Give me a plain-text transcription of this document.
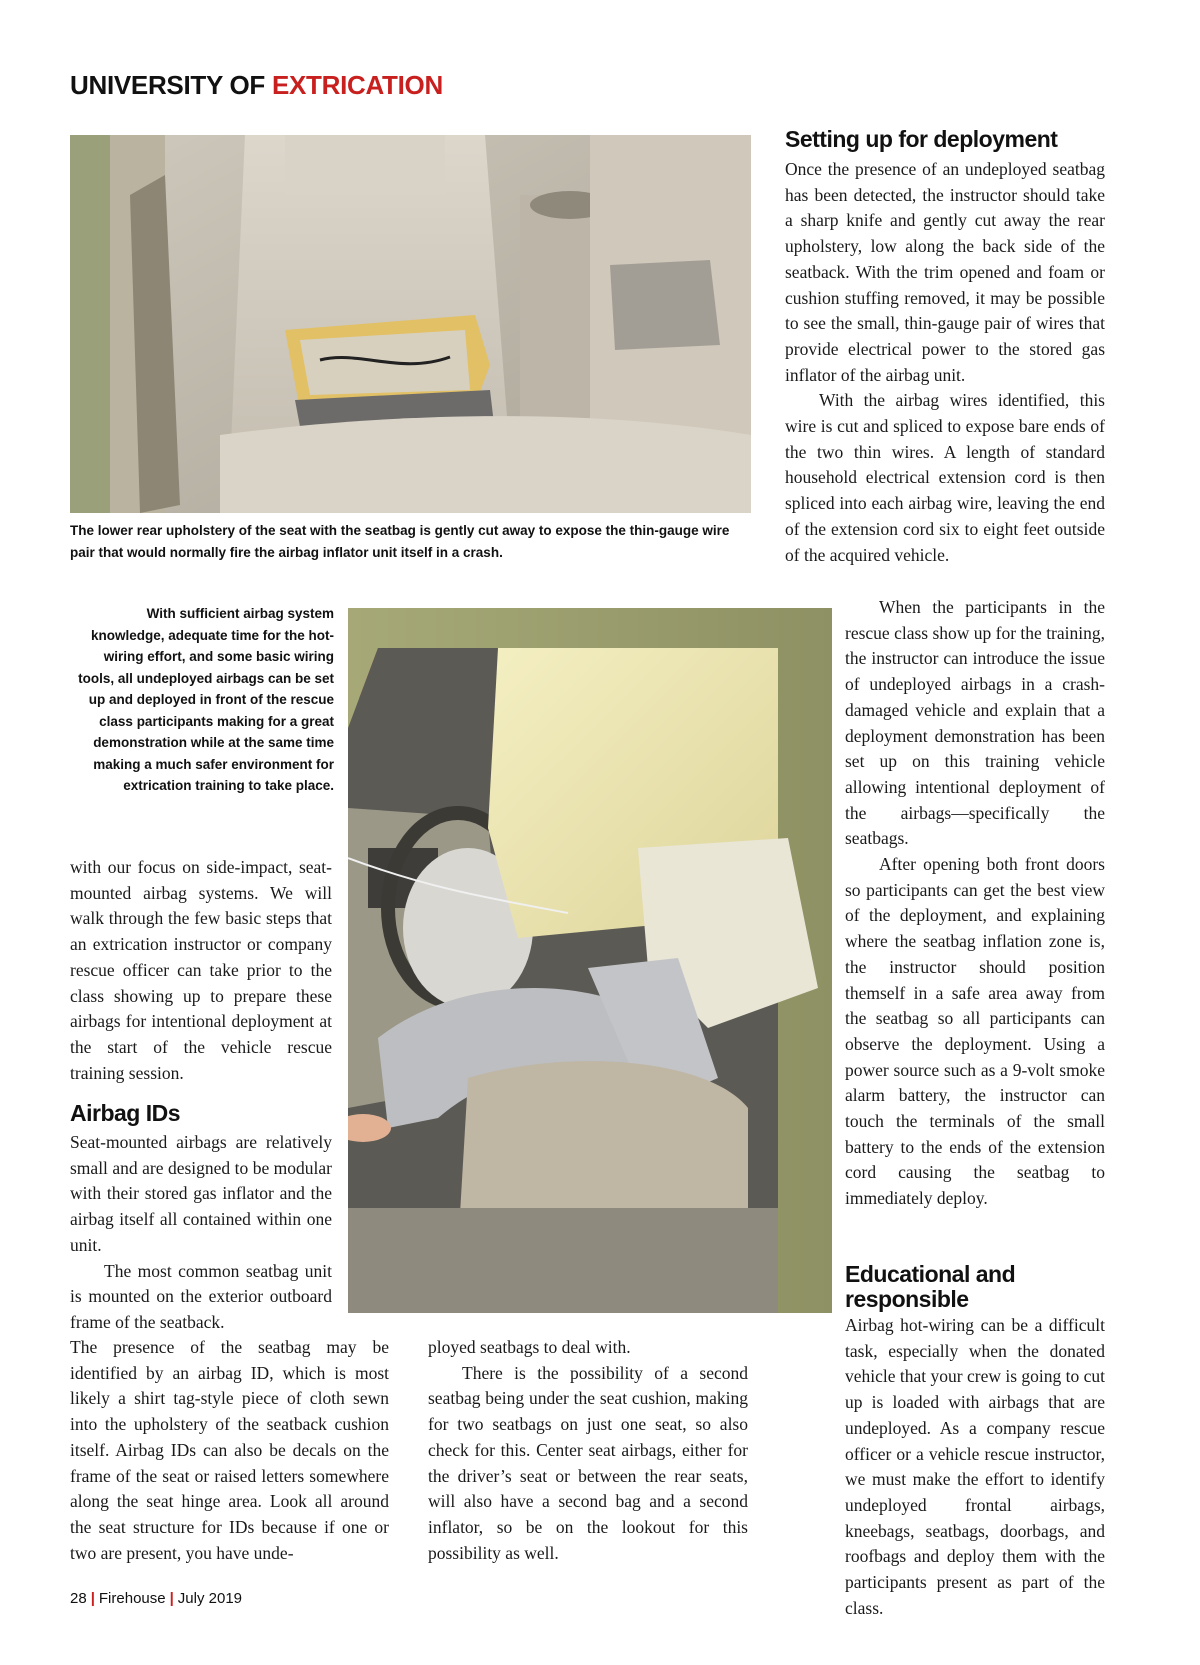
UNIVERSITY OF EXTRICATION
The lower rear upholstery of the seat with the seatbag is gently cut away to expose the thin-gauge wire pair that would normally fire the airbag inflator unit itself in a crash.
With sufficient airbag system knowledge, adequate time for the hot-wiring effort, and some basic wiring tools, all undeployed airbags can be set up and deployed in front of the rescue class participants making for a great demonstration while at the same time making a much safer environment for extrication training to take place.

with our focus on side-impact, seat-mounted airbag systems. We will walk through the few basic steps that an extrication instructor or company rescue officer can take prior to the class showing up to prepare these airbags for intentional deployment at the start of the vehicle rescue training session.

Airbag IDs

Seat-mounted airbags are relatively small and are designed to be modular with their stored gas inflator and the airbag itself all contained within one unit.

The most common seatbag unit is mounted on the exterior outboard frame of the seatback.

The presence of the seatbag may be identified by an airbag ID, which is most likely a shirt tag-style piece of cloth sewn into the upholstery of the seatback cushion itself. Airbag IDs can also be decals on the frame of the seat or raised letters somewhere along the seat hinge area. Look all around the seat structure for IDs because if one or two are present, you have unde-

ployed seatbags to deal with.

There is the possibility of a second seatbag being under the seat cushion, making for two seatbags on just one seat, so also check for this. Center seat airbags, either for the driver’s seat or between the rear seats, will also have a second bag and a second inflator, so be on the lookout for this possibility as well.

Setting up for deployment

Once the presence of an undeployed seatbag has been detected, the instructor should take a sharp knife and gently cut away the rear upholstery, low along the back side of the seatback. With the trim opened and foam or cushion stuffing removed, it may be possible to see the small, thin-gauge pair of wires that provide electrical power to the stored gas inflator of the airbag unit.

With the airbag wires identified, this wire is cut and spliced to expose bare ends of the two thin wires. A length of standard household electrical extension cord is then spliced into each airbag wire, leaving the end of the extension cord six to eight feet outside of the acquired vehicle.

When the participants in the rescue class show up for the training, the instructor can introduce the issue of undeployed airbags in a crash-damaged vehicle and explain that a deployment demonstration has been set up on this training vehicle allowing intentional deployment of the airbags—specifically the seatbags.

After opening both front doors so participants can get the best view of the deployment, and explaining where the seatbag inflation zone is, the instructor should position themself in a safe area away from the seatbag so all participants can observe the deployment. Using a power source such as a 9-volt smoke alarm battery, the instructor can touch the terminals of the small battery to the ends of the extension cord causing the seatbag to immediately deploy.

Educational and
responsible

Airbag hot-wiring can be a difficult task, especially when the donated vehicle that your crew is going to cut up is loaded with airbags that are undeployed. As a company rescue officer or a vehicle rescue instructor, we must make the effort to identify undeployed frontal airbags, kneebags, seatbags, doorbags, and roofbags and deploy them with the participants present as part of the class.

28 | Firehouse | July 2019
